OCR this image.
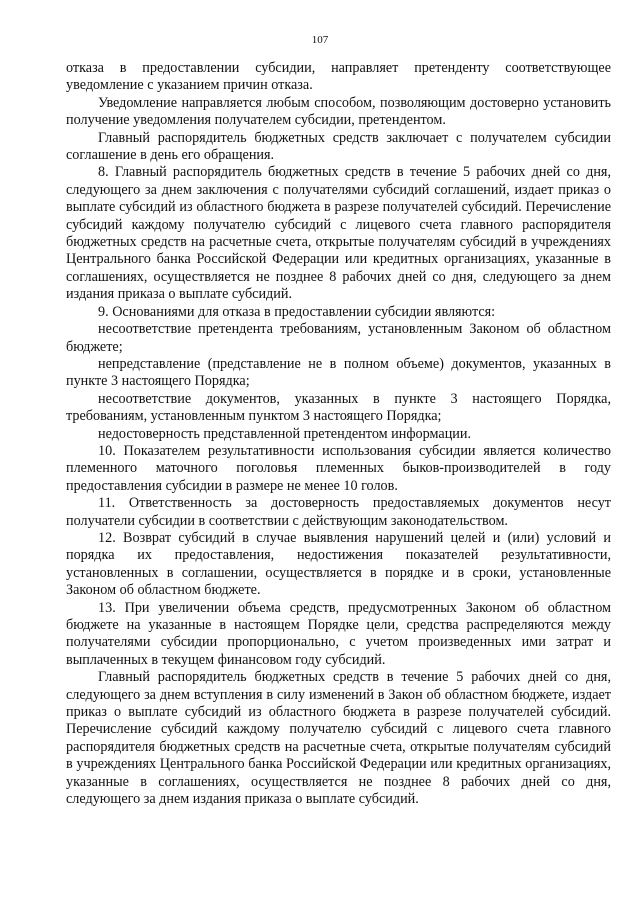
107

отказа в предоставлении субсидии, направляет претенденту соответствующее уведомление с указанием причин отказа.

Уведомление направляется любым способом, позволяющим достоверно установить получение уведомления получателем субсидии, претендентом.

Главный распорядитель бюджетных средств заключает с получателем субсидии соглашение в день его обращения.

8. Главный распорядитель бюджетных средств в течение 5 рабочих дней со дня, следующего за днем заключения с получателями субсидий соглашений, издает приказ о выплате субсидий из областного бюджета в разрезе получателей субсидий. Перечисление субсидий каждому получателю субсидий с лицевого счета главного распорядителя бюджетных средств на расчетные счета, открытые получателям субсидий в учреждениях Центрального банка Российской Федерации или кредитных организациях, указанные в соглашениях, осуществляется не позднее 8 рабочих дней со дня, следующего за днем издания приказа о выплате субсидий.

9. Основаниями для отказа в предоставлении субсидии являются:

несоответствие претендента требованиям, установленным Законом об областном бюджете;

непредставление (представление не в полном объеме) документов, указанных в пункте 3 настоящего Порядка;

несоответствие документов, указанных в пункте 3 настоящего Порядка, требованиям, установленным пунктом 3 настоящего Порядка;

недостоверность представленной претендентом информации.

10. Показателем результативности использования субсидии является количество племенного маточного поголовья племенных быков-производителей в году предоставления субсидии в размере не менее 10 голов.

11. Ответственность за достоверность предоставляемых документов несут получатели субсидии в соответствии с действующим законодательством.

12. Возврат субсидий в случае выявления нарушений целей и (или) условий и порядка их предоставления, недостижения показателей результативности, установленных в соглашении, осуществляется в порядке и в сроки, установленные Законом об областном бюджете.

13. При увеличении объема средств, предусмотренных Законом об областном бюджете на указанные в настоящем Порядке цели, средства распределяются между получателями субсидии пропорционально, с учетом произведенных ими затрат и выплаченных в текущем финансовом году субсидий.

Главный распорядитель бюджетных средств в течение 5 рабочих дней со дня, следующего за днем вступления в силу изменений в Закон об областном бюджете, издает приказ о выплате субсидий из областного бюджета в разрезе получателей субсидий. Перечисление субсидий каждому получателю субсидий с лицевого счета главного распорядителя бюджетных средств на расчетные счета, открытые получателям субсидий в учреждениях Центрального банка Российской Федерации или кредитных организациях, указанные в соглашениях, осуществляется не позднее 8 рабочих дней со дня, следующего за днем издания приказа о выплате субсидий.
